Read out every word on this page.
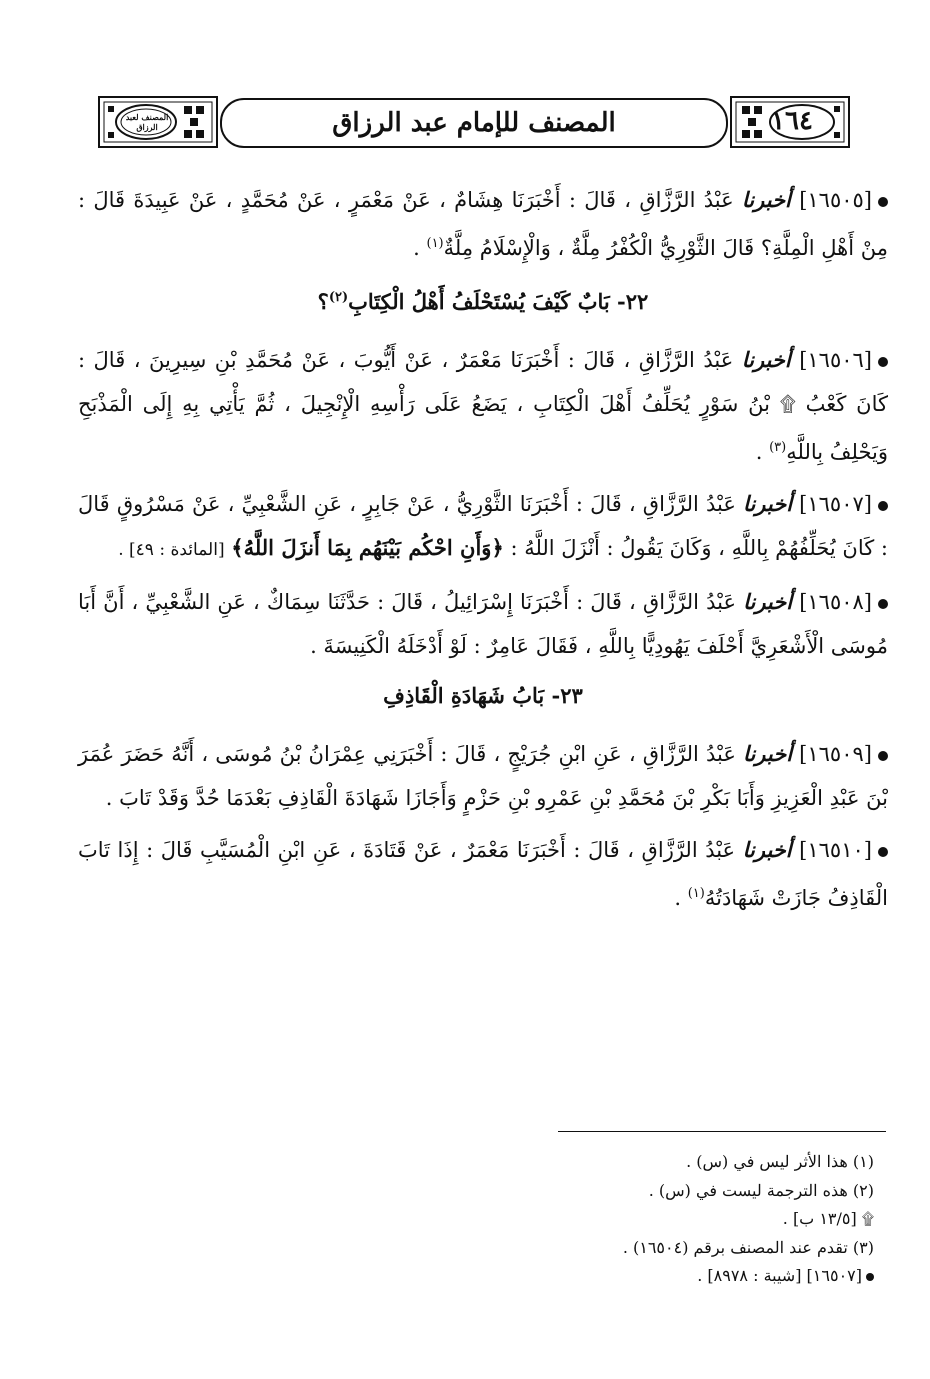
المصنف لعبد الرزاق	المصنف للإمام عبد الرزاق	١٦٤

[١٦٥٠٥] أخبرنا عَبْدُ الرَّزَّاقِ ، قَالَ : أَخْبَرَنَا هِشَامٌ ، عَنْ مَعْمَرٍ ، عَنْ مُحَمَّدٍ ، عَنْ عَبِيدَةَ قَالَ : مِنْ أَهْلِ الْمِلَّةِ؟ قَالَ الثَّوْرِيُّ الْكُفْرُ مِلَّةٌ ، وَالْإِسْلَامُ مِلَّةٌ$^{(١)}$ .

٢٢- بَابٌ كَيْفَ يُسْتَحْلَفُ أَهْلُ الْكِتَابِ$^{(٢)}$؟

[١٦٥٠٦] أخبرنا عَبْدُ الرَّزَّاقِ ، قَالَ : أَخْبَرَنَا مَعْمَرٌ ، عَنْ أَيُّوبَ ، عَنْ مُحَمَّدِ بْنِ سِيرِينَ ، قَالَ : كَانَ كَعْبُ ۩ بْنُ سَوْرٍ يُحَلِّفُ أَهْلَ الْكِتَابِ ، يَضَعُ عَلَى رَأْسِهِ الْإِنْجِيلَ ، ثُمَّ يَأْتِي بِهِ إِلَى الْمَذْبَحِ وَيَحْلِفُ بِاللَّهِ$^{(٣)}$ .

[١٦٥٠٧] أخبرنا عَبْدُ الرَّزَّاقِ ، قَالَ : أَخْبَرَنَا الثَّوْرِيُّ ، عَنْ جَابِرٍ ، عَنِ الشَّعْبِيِّ ، عَنْ مَسْرُوقٍ قَالَ : كَانَ يُحَلِّفُهُمْ بِاللَّهِ ، وَكَانَ يَقُولُ : أَنْزَلَ اللَّهُ : ﴿وَأَنِ احْكُم بَيْنَهُم بِمَا أَنزَلَ اللَّهُ﴾ [المائدة : ٤٩] .

[١٦٥٠٨] أخبرنا عَبْدُ الرَّزَّاقِ ، قَالَ : أَخْبَرَنَا إِسْرَائِيلُ ، قَالَ : حَدَّثَنَا سِمَاكٌ ، عَنِ الشَّعْبِيِّ ، أَنَّ أَبَا مُوسَى الْأَشْعَرِيَّ أَحْلَفَ يَهُودِيًّا بِاللَّهِ ، فَقَالَ عَامِرٌ : لَوْ أَدْخَلَهُ الْكَنِيسَةَ .

٢٣- بَابُ شَهَادَةِ الْقَاذِفِ

[١٦٥٠٩] أخبرنا عَبْدُ الرَّزَّاقِ ، عَنِ ابْنِ جُرَيْجٍ ، قَالَ : أَخْبَرَنِي عِمْرَانُ بْنُ مُوسَى ، أَنَّهُ حَضَرَ عُمَرَ بْنَ عَبْدِ الْعَزِيزِ وَأَبَا بَكْرِ بْنَ مُحَمَّدِ بْنِ عَمْرِو بْنِ حَزْمٍ وَأَجَازَا شَهَادَةَ الْقَاذِفِ بَعْدَمَا حُدَّ وَقَدْ تَابَ .

[١٦٥١٠] أخبرنا عَبْدُ الرَّزَّاقِ ، قَالَ : أَخْبَرَنَا مَعْمَرٌ ، عَنْ قَتَادَةَ ، عَنِ ابْنِ الْمُسَيَّبِ قَالَ : إِذَا تَابَ الْقَاذِفُ جَازَتْ شَهَادَتُهُ$^{(١)}$ .

(١) هذا الأثر ليس في (س) .

(٢) هذه الترجمة ليست في (س) .

۩ [١٣/٥ ب] .

(٣) تقدم عند المصنف برقم (١٦٥٠٤) .

[١٦٥٠٧] [شيبة : ٨٩٧٨] .
